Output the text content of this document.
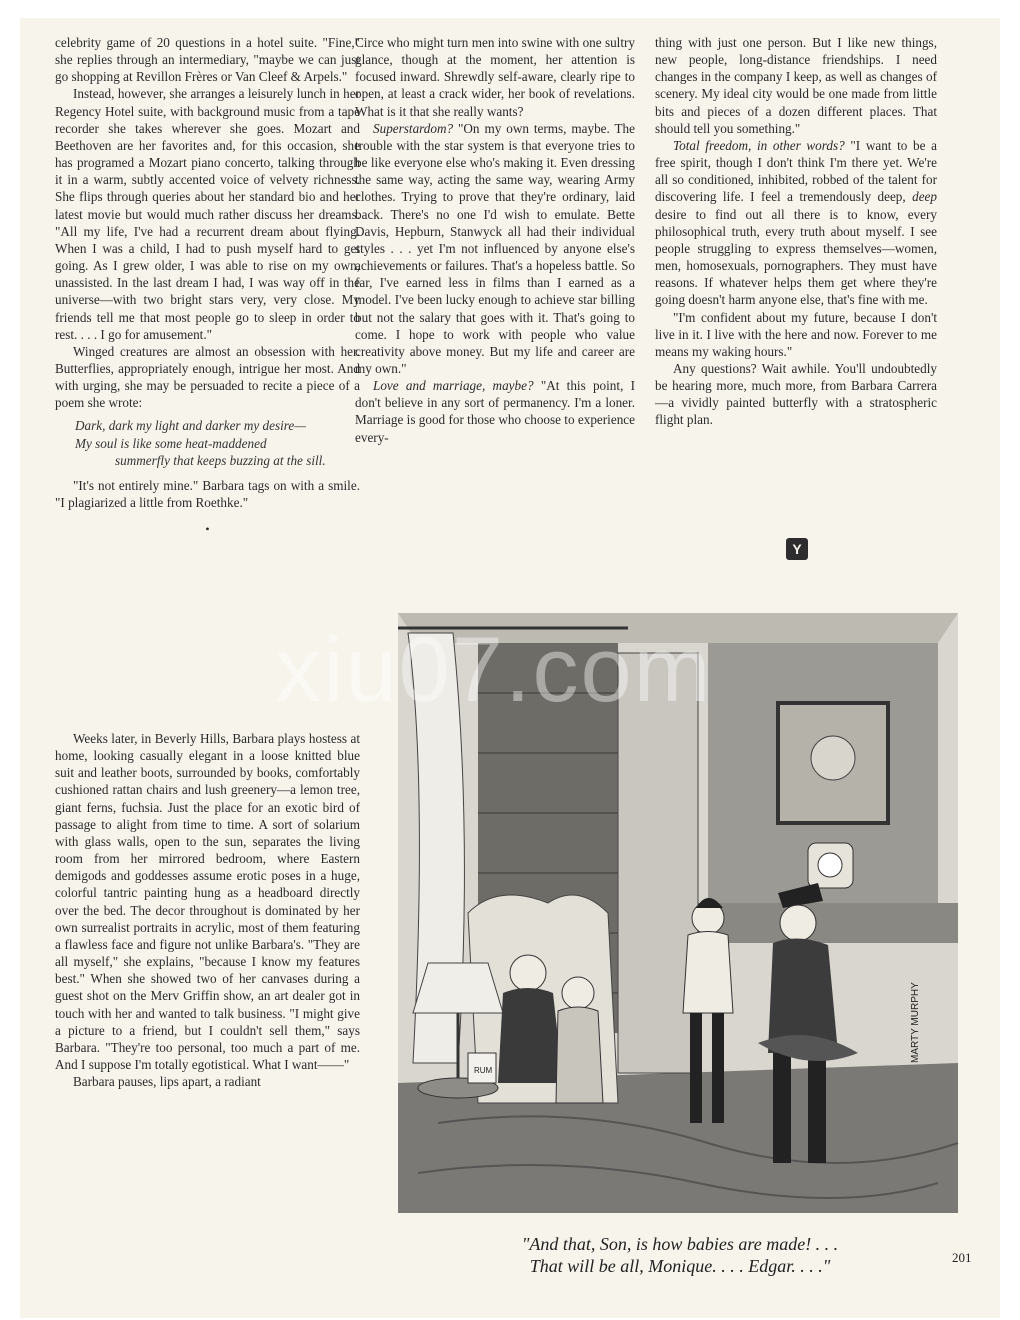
celebrity game of 20 questions in a hotel suite. "Fine," she replies through an intermediary, "maybe we can just go shopping at Revillon Frères or Van Cleef & Arpels."

Instead, however, she arranges a leisurely lunch in her Regency Hotel suite, with background music from a tape recorder she takes wherever she goes. Mozart and Beethoven are her favorites and, for this occasion, she has programed a Mozart piano concerto, talking through it in a warm, subtly accented voice of velvety richness. She flips through queries about her standard bio and her latest movie but would much rather discuss her dreams. "All my life, I've had a recurrent dream about flying. When I was a child, I had to push myself hard to get going. As I grew older, I was able to rise on my own, unassisted. In the last dream I had, I was way off in the universe—with two bright stars very, very close. My friends tell me that most people go to sleep in order to rest. . . . I go for amusement."

Winged creatures are almost an obsession with her. Butterflies, appropriately enough, intrigue her most. And with urging, she may be persuaded to recite a piece of a poem she wrote:

Dark, dark my light and darker my desire—

My soul is like some heat-maddened

summerfly that keeps buzzing at the sill.

"It's not entirely mine." Barbara tags on with a smile. "I plagiarized a little from Roethke."

•

Weeks later, in Beverly Hills, Barbara plays hostess at home, looking casually elegant in a loose knitted blue suit and leather boots, surrounded by books, comfortably cushioned rattan chairs and lush greenery—a lemon tree, giant ferns, fuchsia. Just the place for an exotic bird of passage to alight from time to time. A sort of solarium with glass walls, open to the sun, separates the living room from her mirrored bedroom, where Eastern demigods and goddesses assume erotic poses in a huge, colorful tantric painting hung as a headboard directly over the bed. The decor throughout is dominated by her own surrealist portraits in acrylic, most of them featuring a flawless face and figure not unlike Barbara's. "They are all myself," she explains, "because I know my features best." When she showed two of her canvases during a guest shot on the Merv Griffin show, an art dealer got in touch with her and wanted to talk business. "I might give a picture to a friend, but I couldn't sell them," says Barbara. "They're too personal, too much a part of me. And I suppose I'm totally egotistical. What I want——"

Barbara pauses, lips apart, a radiant

Circe who might turn men into swine with one sultry glance, though at the moment, her attention is focused inward. Shrewdly self-aware, clearly ripe to open, at least a crack wider, her book of revelations. What is it that she really wants?

Superstardom? "On my own terms, maybe. The trouble with the star system is that everyone tries to be like everyone else who's making it. Even dressing the same way, acting the same way, wearing Army clothes. Trying to prove that they're ordinary, laid back. There's no one I'd wish to emulate. Bette Davis, Hepburn, Stanwyck all had their individual styles . . . yet I'm not influenced by anyone else's achievements or failures. That's a hopeless battle. So far, I've earned less in films than I earned as a model. I've been lucky enough to achieve star billing but not the salary that goes with it. That's going to come. I hope to work with people who value creativity above money. But my life and career are my own."

Love and marriage, maybe? "At this point, I don't believe in any sort of permanency. I'm a loner. Marriage is good for those who choose to experience every-

thing with just one person. But I like new things, new people, long-distance friendships. I need changes in the company I keep, as well as changes of scenery. My ideal city would be one made from little bits and pieces of a dozen different places. That should tell you something."

Total freedom, in other words? "I want to be a free spirit, though I don't think I'm there yet. We're all so conditioned, inhibited, robbed of the talent for discovering life. I feel a tremendously deep, deep desire to find out all there is to know, every philosophical truth, every truth about myself. I see people struggling to express themselves—women, men, homosexuals, pornographers. They must have reasons. If whatever helps them get where they're going doesn't harm anyone else, that's fine with me.

"I'm confident about my future, because I don't live in it. I live with the here and now. Forever to me means my waking hours."

Any questions? Wait awhile. You'll undoubtedly be hearing more, much more, from Barbara Carrera—a vividly painted butterfly with a stratospheric flight plan.

Y
RUM
MARTY MURPHY
xiu07.com
"And that, Son, is how babies are made! . . .
That will be all, Monique. . . . Edgar. . . ."	201
